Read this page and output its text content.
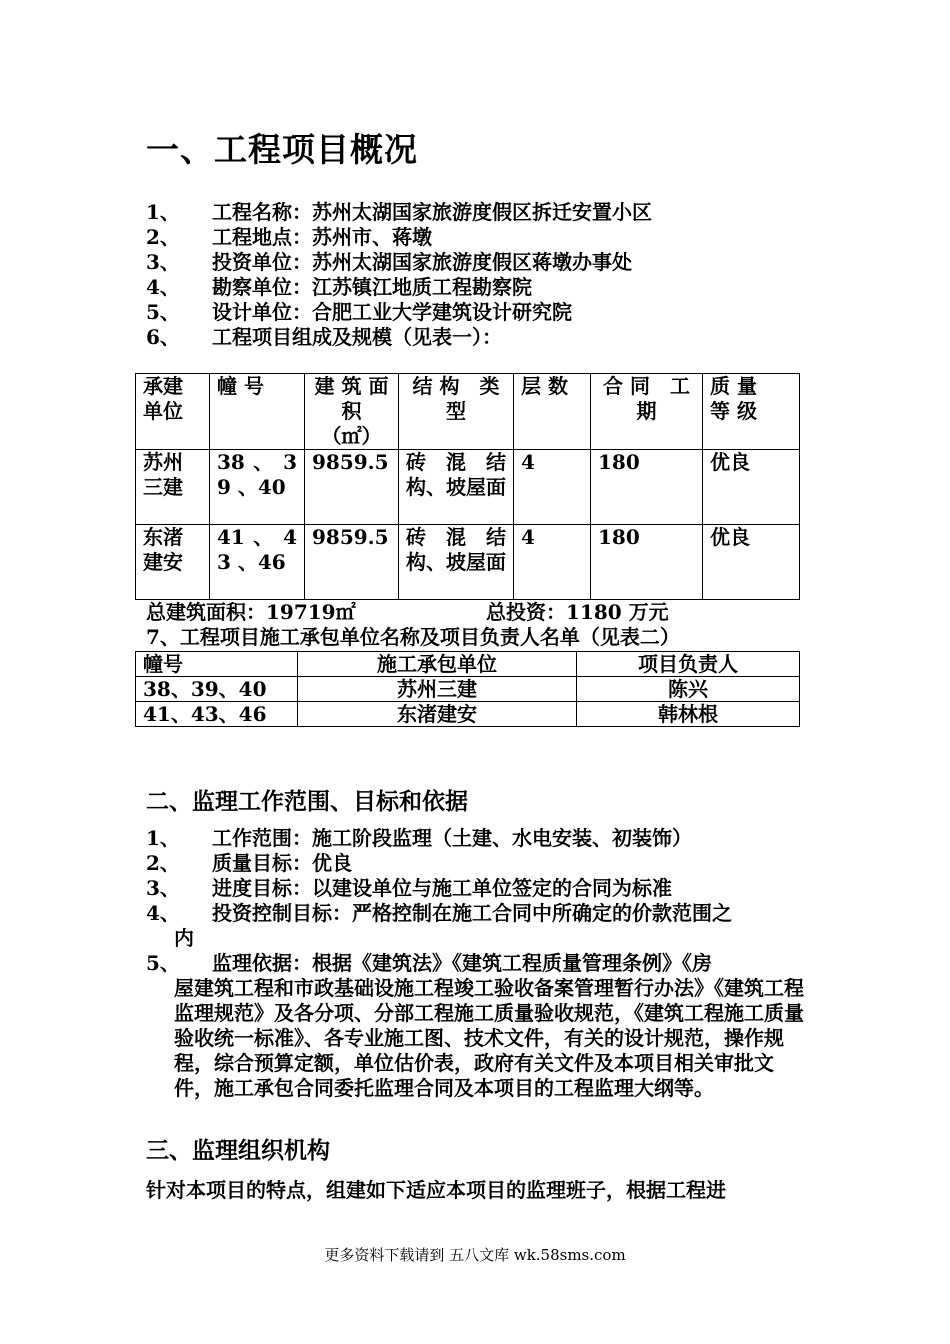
一、工程项目概况
1、	工程名称：苏州太湖国家旅游度假区拆迁安置小区
2、	工程地点：苏州市、蒋墩
3、	投资单位：苏州太湖国家旅游度假区蒋墩办事处
4、	勘察单位：江苏镇江地质工程勘察院
5、	设计单位：合肥工业大学建筑设计研究院
6、	工程项目组成及规模（见表一）：
承建单位	幢 号	建 筑 面 积　（㎡）	结 构　类 型	层 数	合 同　工 期	质 量　等 级
苏州三建	38 、 39 、40	9859.5	砖 混 结 构、坡屋面	4	180	优良
东渚建安	41 、 43 、46	9859.5	砖 混 结 构、坡屋面	4	180	优良
总建筑面积：19719㎡	总投资：1180 万元
7、工程项目施工承包单位名称及项目负责人名单（见表二）
幢号	施工承包单位	项目负责人
38、39、40	苏州三建	陈兴
41、43、46	东渚建安	韩林根
二、监理工作范围、目标和依据
1、	工作范围：施工阶段监理（土建、水电安装、初装饰）
2、	质量目标：优良
3、	进度目标：以建设单位与施工单位签定的合同为标准
4、	投资控制目标：严格控制在施工合同中所确定的价款范围之
内
5、	监理依据：根据《建筑法》《建筑工程质量管理条例》《房
屋建筑工程和市政基础设施工程竣工验收备案管理暂行办法》《建筑工程监理规范》及各分项、分部工程施工质量验收规范，《建筑工程施工质量验收统一标准》、各专业施工图、技术文件，有关的设计规范，操作规程，综合预算定额，单位估价表，政府有关文件及本项目相关审批文件，施工承包合同委托监理合同及本项目的工程监理大纲等。
三、监理组织机构
针对本项目的特点，组建如下适应本项目的监理班子，根据工程进
更多资料下载请到 五八文库 wk.58sms.com
